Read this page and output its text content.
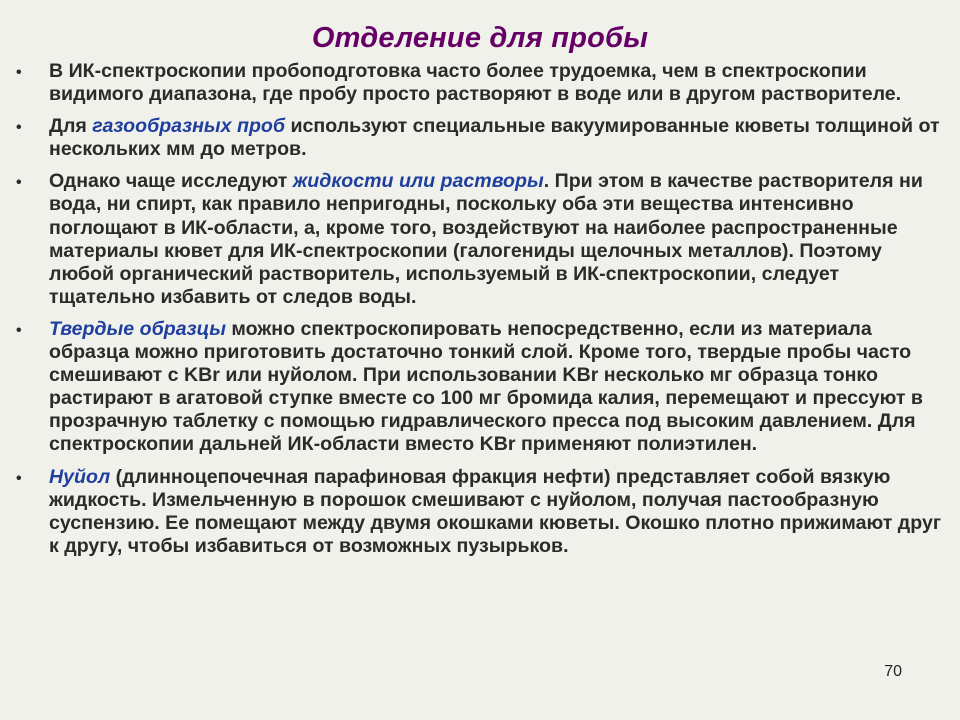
Отделение для пробы
• В ИК-спектроскопии пробоподготовка часто более трудоемка, чем в спектроскопии видимого диапазона, где пробу просто растворяют в воде или в другом растворителе.
• Для газообразных проб используют специальные вакуумированные кюветы толщиной от нескольких мм до метров.
• Однако чаще исследуют жидкости или растворы. При этом в качестве растворителя ни вода, ни спирт, как правило непригодны, поскольку оба эти вещества интенсивно поглощают в ИК-области, а, кроме того, воздействуют на наиболее распространенные материалы кювет для ИК-спектроскопии (галогениды щелочных металлов). Поэтому любой органический растворитель, используемый в ИК-спектроскопии, следует тщательно избавить от следов воды.
• Твердые образцы можно спектроскопировать непосредственно, если из материала образца можно приготовить достаточно тонкий слой. Кроме того, твердые пробы часто смешивают с KBr или нуйолом. При использовании KBr несколько мг образца тонко растирают в агатовой ступке вместе со 100 мг бромида калия, перемещают и прессуют в прозрачную таблетку с помощью гидравлического пресса под высоким давлением. Для спектроскопии дальней ИК-области вместо KBr применяют полиэтилен.
• Нуйол (длинноцепочечная парафиновая фракция нефти) представляет собой вязкую жидкость. Измельченную в порошок смешивают с нуйолом, получая пастообразную суспензию. Ее помещают между двумя окошками кюветы. Окошко плотно прижимают друг к другу, чтобы избавиться от возможных пузырьков.
70
